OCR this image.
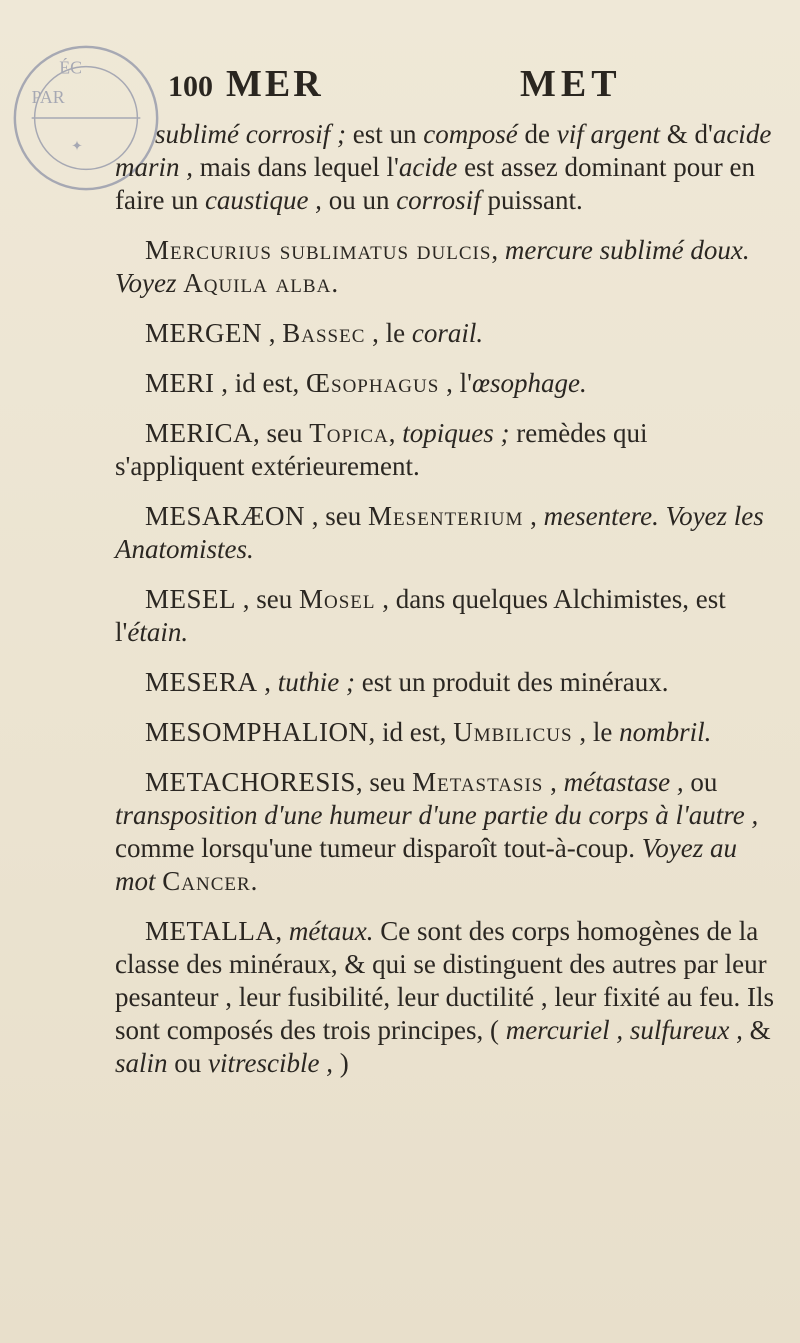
ÉC
PAR
✦
100 MER	MET

sublimé corrosif ; est un composé de vif argent & d'acide marin , mais dans lequel l'acide est assez dominant pour en faire un caustique , ou un corrosif puissant.

Mercurius sublimatus dulcis, mercure sublimé doux. Voyez Aquila alba.

MERGEN , Bassec , le corail.

MERI , id est, Œsophagus , l'œsophage.

MERICA, seu Topica, topiques ; remèdes qui s'appliquent extérieurement.

MESARÆON , seu Mesenterium , mesentere. Voyez les Anatomistes.

MESEL , seu Mosel , dans quelques Alchimistes, est l'étain.

MESERA , tuthie ; est un produit des minéraux.

MESOMPHALION, id est, Umbilicus , le nombril.

METACHORESIS, seu Metastasis , métastase , ou transposition d'une humeur d'une partie du corps à l'autre , comme lorsqu'une tumeur disparoît tout-à-coup. Voyez au mot Cancer.

METALLA, métaux. Ce sont des corps homogènes de la classe des minéraux, & qui se distinguent des autres par leur pesanteur , leur fusibilité, leur ductilité , leur fixité au feu. Ils sont composés des trois principes, ( mercuriel , sulfureux , & salin ou vitrescible , )
